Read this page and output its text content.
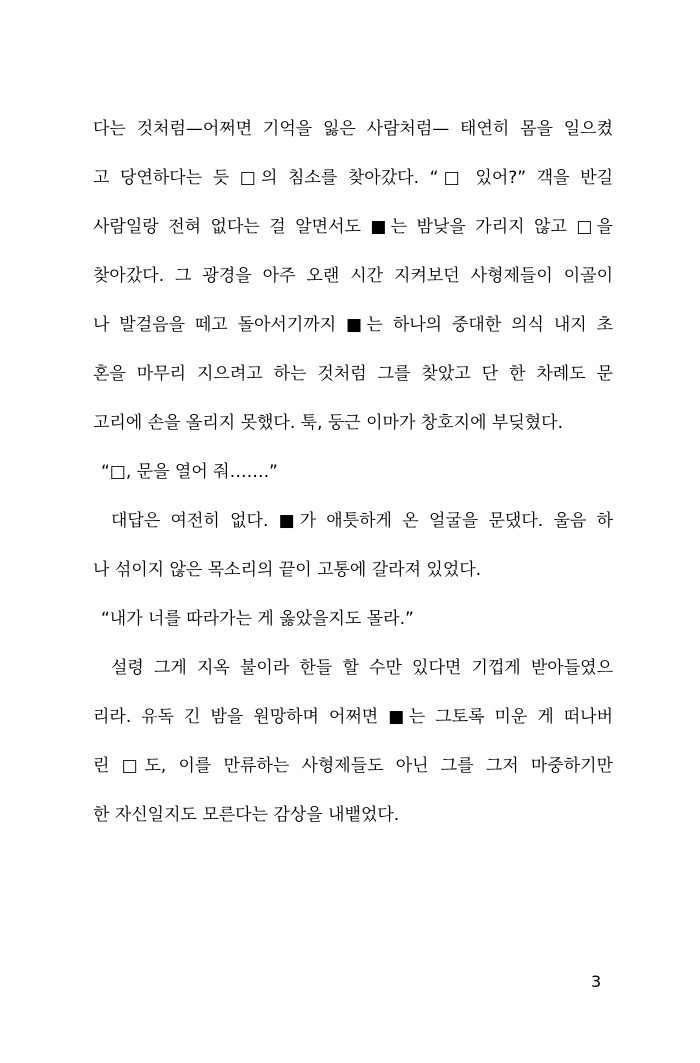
다는 것처럼—어쩌면 기억을 잃은 사람처럼— 태연히 몸을 일으켰
고 당연하다는 듯 □의 침소를 찾아갔다. “□ 있어?” 객을 반길
사람일랑 전혀 없다는 걸 알면서도 ■는 밤낮을 가리지 않고 □을
찾아갔다. 그 광경을 아주 오랜 시간 지켜보던 사형제들이 이골이
나 발걸음을 떼고 돌아서기까지 ■는 하나의 중대한 의식 내지 초
혼을 마무리 지으려고 하는 것처럼 그를 찾았고 단 한 차례도 문
고리에 손을 올리지 못했다. 툭, 둥근 이마가 창호지에 부딪혔다.
“□, 문을 열어 줘…….”
대답은 여전히 없다. ■가 애틋하게 온 얼굴을 문댔다. 울음 하
나 섞이지 않은 목소리의 끝이 고통에 갈라져 있었다.
“내가 너를 따라가는 게 옳았을지도 몰라.”
설령 그게 지옥 불이라 한들 할 수만 있다면 기껍게 받아들였으
리라. 유독 긴 밤을 원망하며 어쩌면 ■는 그토록 미운 게 떠나버
린 □도, 이를 만류하는 사형제들도 아닌 그를 그저 마중하기만
한 자신일지도 모른다는 감상을 내뱉었다.
3
